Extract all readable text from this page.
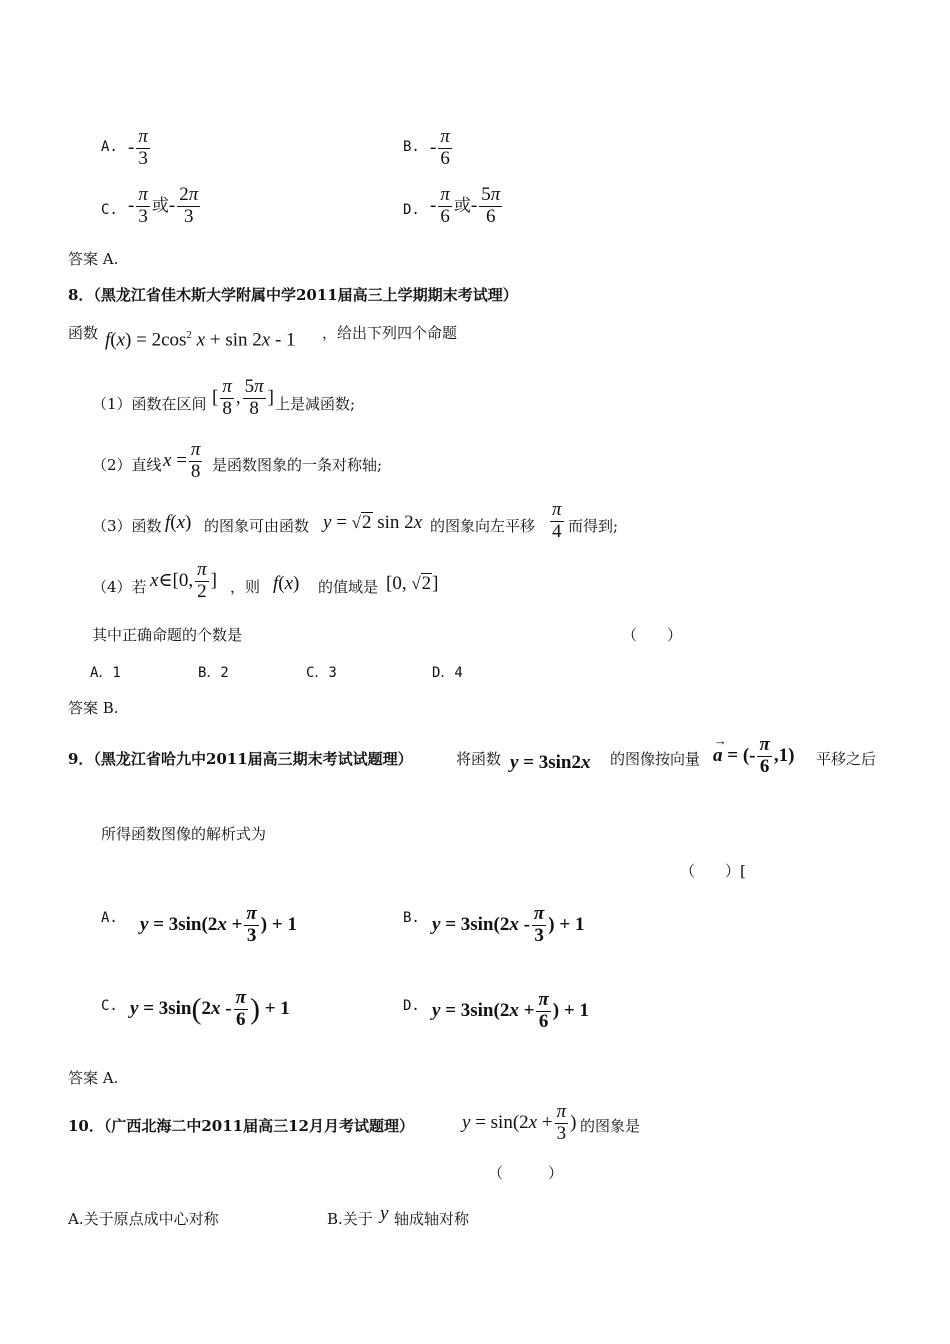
A. - $\frac{\pi}{3}$	B. - $\frac{\pi}{6}$
C. - $\frac{\pi}{3}$ 或- $\frac{2\pi}{3}$	D. - $\frac{\pi}{6}$ 或- $\frac{5\pi}{6}$
答案 A.
8．（黑龙江省佳木斯大学附属中学2011届高三上学期期末考试理）
函数 $f(x) = 2\cos^2$ x + sin 2x - 1 ，给出下列四个命题
（1）函数在区间 [ $\frac{\pi}{8}$ , $\frac{5\pi}{8}$ ] 上是减函数;
（2）直线 $x = \frac{\pi}{8}$ 是函数图象的一条对称轴;
（3）函数 f(x) 的图象可由函数 y = √2 sin 2x 的图象向左平移 $\frac{\pi}{4}$ 而得到;
（4）若 x∈[0, $\frac{\pi}{2}$ ] ，则 f(x) 的值域是 [0, √2]
其中正确命题的个数是	（　　）
A．1	B．2	C．3	D．4
答案 B.
9．（黑龙江省哈九中2011届高三期末考试试题理）	将函数 y = 3sin2x 的图像按向量
→
a = (- $\frac{\pi}{6} ,1$) 平移之后
所得函数图像的解析式为
（　　）[
A. $y = 3\sin(2x + \frac{\pi}{3}$ ) + 1	B. $y = 3\sin(2x - \frac{\pi}{3}$ ) + 1
C. $y = 3\sin(2x - \frac{\pi}{6}$ ) + 1	D. $y = 3\sin(2x + \frac{\pi}{6}$ ) + 1
答案 A.
10．（广西北海二中2011届高三12月月考试题理）	$y = \sin(2x + \frac{\pi}{3}$ ) 的图象是
（　　　）
A.关于原点成中心对称	B.关于 y 轴成轴对称
